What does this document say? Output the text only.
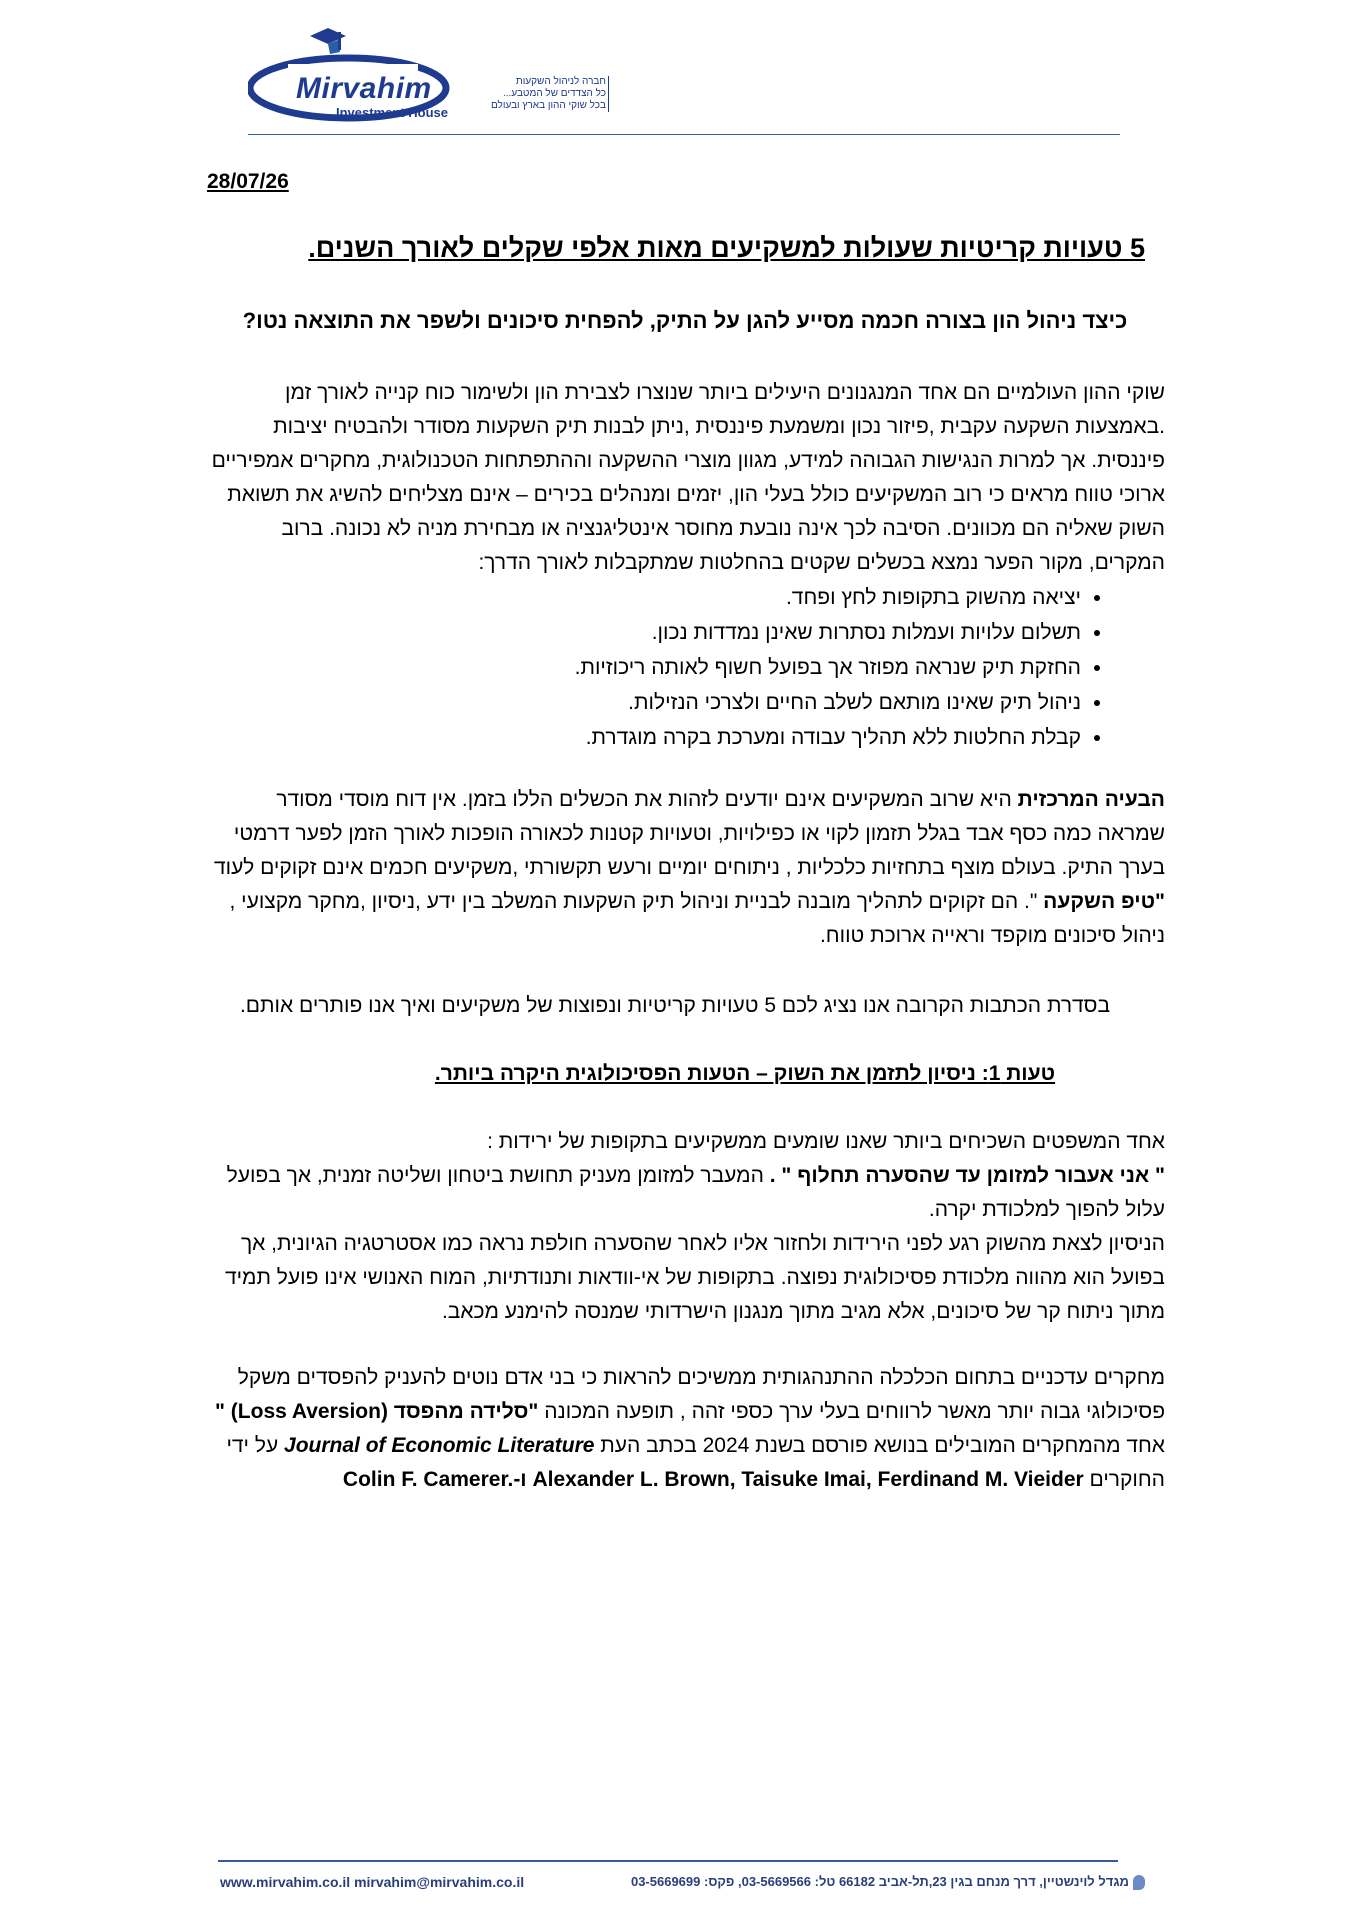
Mirvahim
Investment House
חברה לניהול השקעות
כל הצדדים של המטבע...
בכל שוקי ההון בארץ ובעולם
28/07/26
5 טעויות קריטיות שעולות למשקיעים מאות אלפי שקלים לאורך השנים.
כיצד ניהול הון בצורה חכמה מסייע להגן על התיק, להפחית סיכונים ולשפר את התוצאה נטו?

שוקי ההון העולמיים הם אחד המנגנונים היעילים ביותר שנוצרו לצבירת הון ולשימור כוח קנייה לאורך זמן .באמצעות השקעה עקבית ,פיזור נכון ומשמעת פיננסית ,ניתן לבנות תיק השקעות מסודר ולהבטיח יציבות פיננסית. אך למרות הנגישות הגבוהה למידע, מגוון מוצרי ההשקעה וההתפתחות הטכנולוגית, מחקרים אמפיריים ארוכי טווח מראים כי רוב המשקיעים כולל בעלי הון, יזמים ומנהלים בכירים – אינם מצליחים להשיג את תשואת השוק שאליה הם מכוונים. הסיבה לכך אינה נובעת מחוסר אינטליגנציה או מבחירת מניה לא נכונה. ברוב המקרים, מקור הפער נמצא בכשלים שקטים בהחלטות שמתקבלות לאורך הדרך:

• יציאה מהשוק בתקופות לחץ ופחד.
• תשלום עלויות ועמלות נסתרות שאינן נמדדות נכון.
• החזקת תיק שנראה מפוזר אך בפועל חשוף לאותה ריכוזיות.
• ניהול תיק שאינו מותאם לשלב החיים ולצרכי הנזילות.
• קבלת החלטות ללא תהליך עבודה ומערכת בקרה מוגדרת.

הבעיה המרכזית היא שרוב המשקיעים אינם יודעים לזהות את הכשלים הללו בזמן. אין דוח מוסדי מסודר שמראה כמה כסף אבד בגלל תזמון לקוי או כפילויות, וטעויות קטנות לכאורה הופכות לאורך הזמן לפער דרמטי בערך התיק. בעולם מוצף בתחזיות כלכליות , ניתוחים יומיים ורעש תקשורתי ,משקיעים חכמים אינם זקוקים לעוד "טיפ השקעה ". הם זקוקים לתהליך מובנה לבניית וניהול תיק השקעות המשלב בין ידע ,ניסיון ,מחקר מקצועי , ניהול סיכונים מוקפד וראייה ארוכת טווח.

בסדרת הכתבות הקרובה אנו נציג לכם 5 טעויות קריטיות ונפוצות של משקיעים ואיך אנו פותרים אותם.

טעות 1: ניסיון לתזמן את השוק – הטעות הפסיכולוגית היקרה ביותר.

אחד המשפטים השכיחים ביותר שאנו שומעים ממשקיעים בתקופות של ירידות :
" אני אעבור למזומן עד שהסערה תחלוף " . המעבר למזומן מעניק תחושת ביטחון ושליטה זמנית, אך בפועל עלול להפוך למלכודת יקרה.
הניסיון לצאת מהשוק רגע לפני הירידות ולחזור אליו לאחר שהסערה חולפת נראה כמו אסטרטגיה הגיונית, אך בפועל הוא מהווה מלכודת פסיכולוגית נפוצה. בתקופות של אי-וודאות ותנודתיות, המוח האנושי אינו פועל תמיד מתוך ניתוח קר של סיכונים, אלא מגיב מתוך מנגנון הישרדותי שמנסה להימנע מכאב.

מחקרים עדכניים בתחום הכלכלה ההתנהגותית ממשיכים להראות כי בני אדם נוטים להעניק להפסדים משקל פסיכולוגי גבוה יותר מאשר לרווחים בעלי ערך כספי זהה , תופעה המכונה "סלידה מהפסד (Loss Aversion) " אחד מהמחקרים המובילים בנושא פורסם בשנת 2024 בכתב העת Journal of Economic Literature על ידי החוקרים Alexander L. Brown, Taisuke Imai, Ferdinand M. Vieider ו-Colin F. Camerer.

www.mirvahim.co.il mirvahim@mirvahim.co.il	מגדל לוינשטיין, דרך מנחם בגין 23,תל-אביב 66182 טל: 03-5669566, פקס: 03-5669699
